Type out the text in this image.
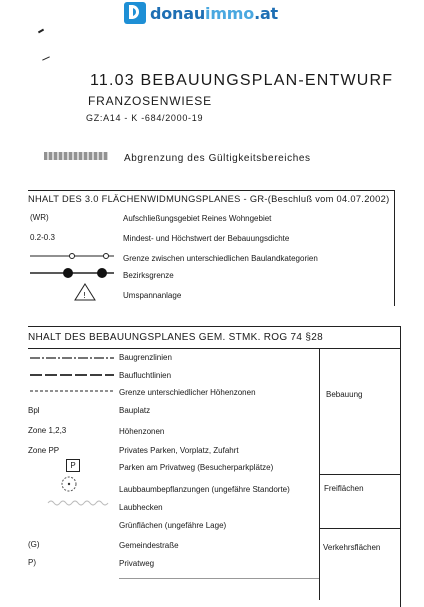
donauimmo.at
11.03 BEBAUUNGSPLAN-ENTWURF
FRANZOSENWIESE
GZ:A14 - K -684/2000-19
Abgrenzung des Gültigkeitsbereiches
NHALT DES 3.0 FLÄCHENWIDMUNGSPLANES - GR-(Beschluß vom 04.07.2002)
(WR)	Aufschließungsgebiet Reines Wohngebiet
0.2-0.3	Mindest- und Höchstwert der Bebauungsdichte
Grenze zwischen unterschiedlichen Baulandkategorien
Bezirksgrenze
!	Umspannanlage
NHALT DES BEBAUUNGSPLANES GEM. STMK. ROG 74 §28
Baugrenzlinien
Baufluchtlinien
Grenze unterschiedlicher Höhenzonen	Bebauung
Bpl	Bauplatz
Zone 1,2,3	Höhenzonen
Zone PP	Privates Parken, Vorplatz, Zufahrt
P	Parken am Privatweg (Besucherparkplätze)
Laubbaumbepflanzungen (ungefähre Standorte)	Freiflächen
Laubhecken
Grünflächen (ungefähre Lage)
(G)	Gemeindestraße	Verkehrsflächen
P)	Privatweg
